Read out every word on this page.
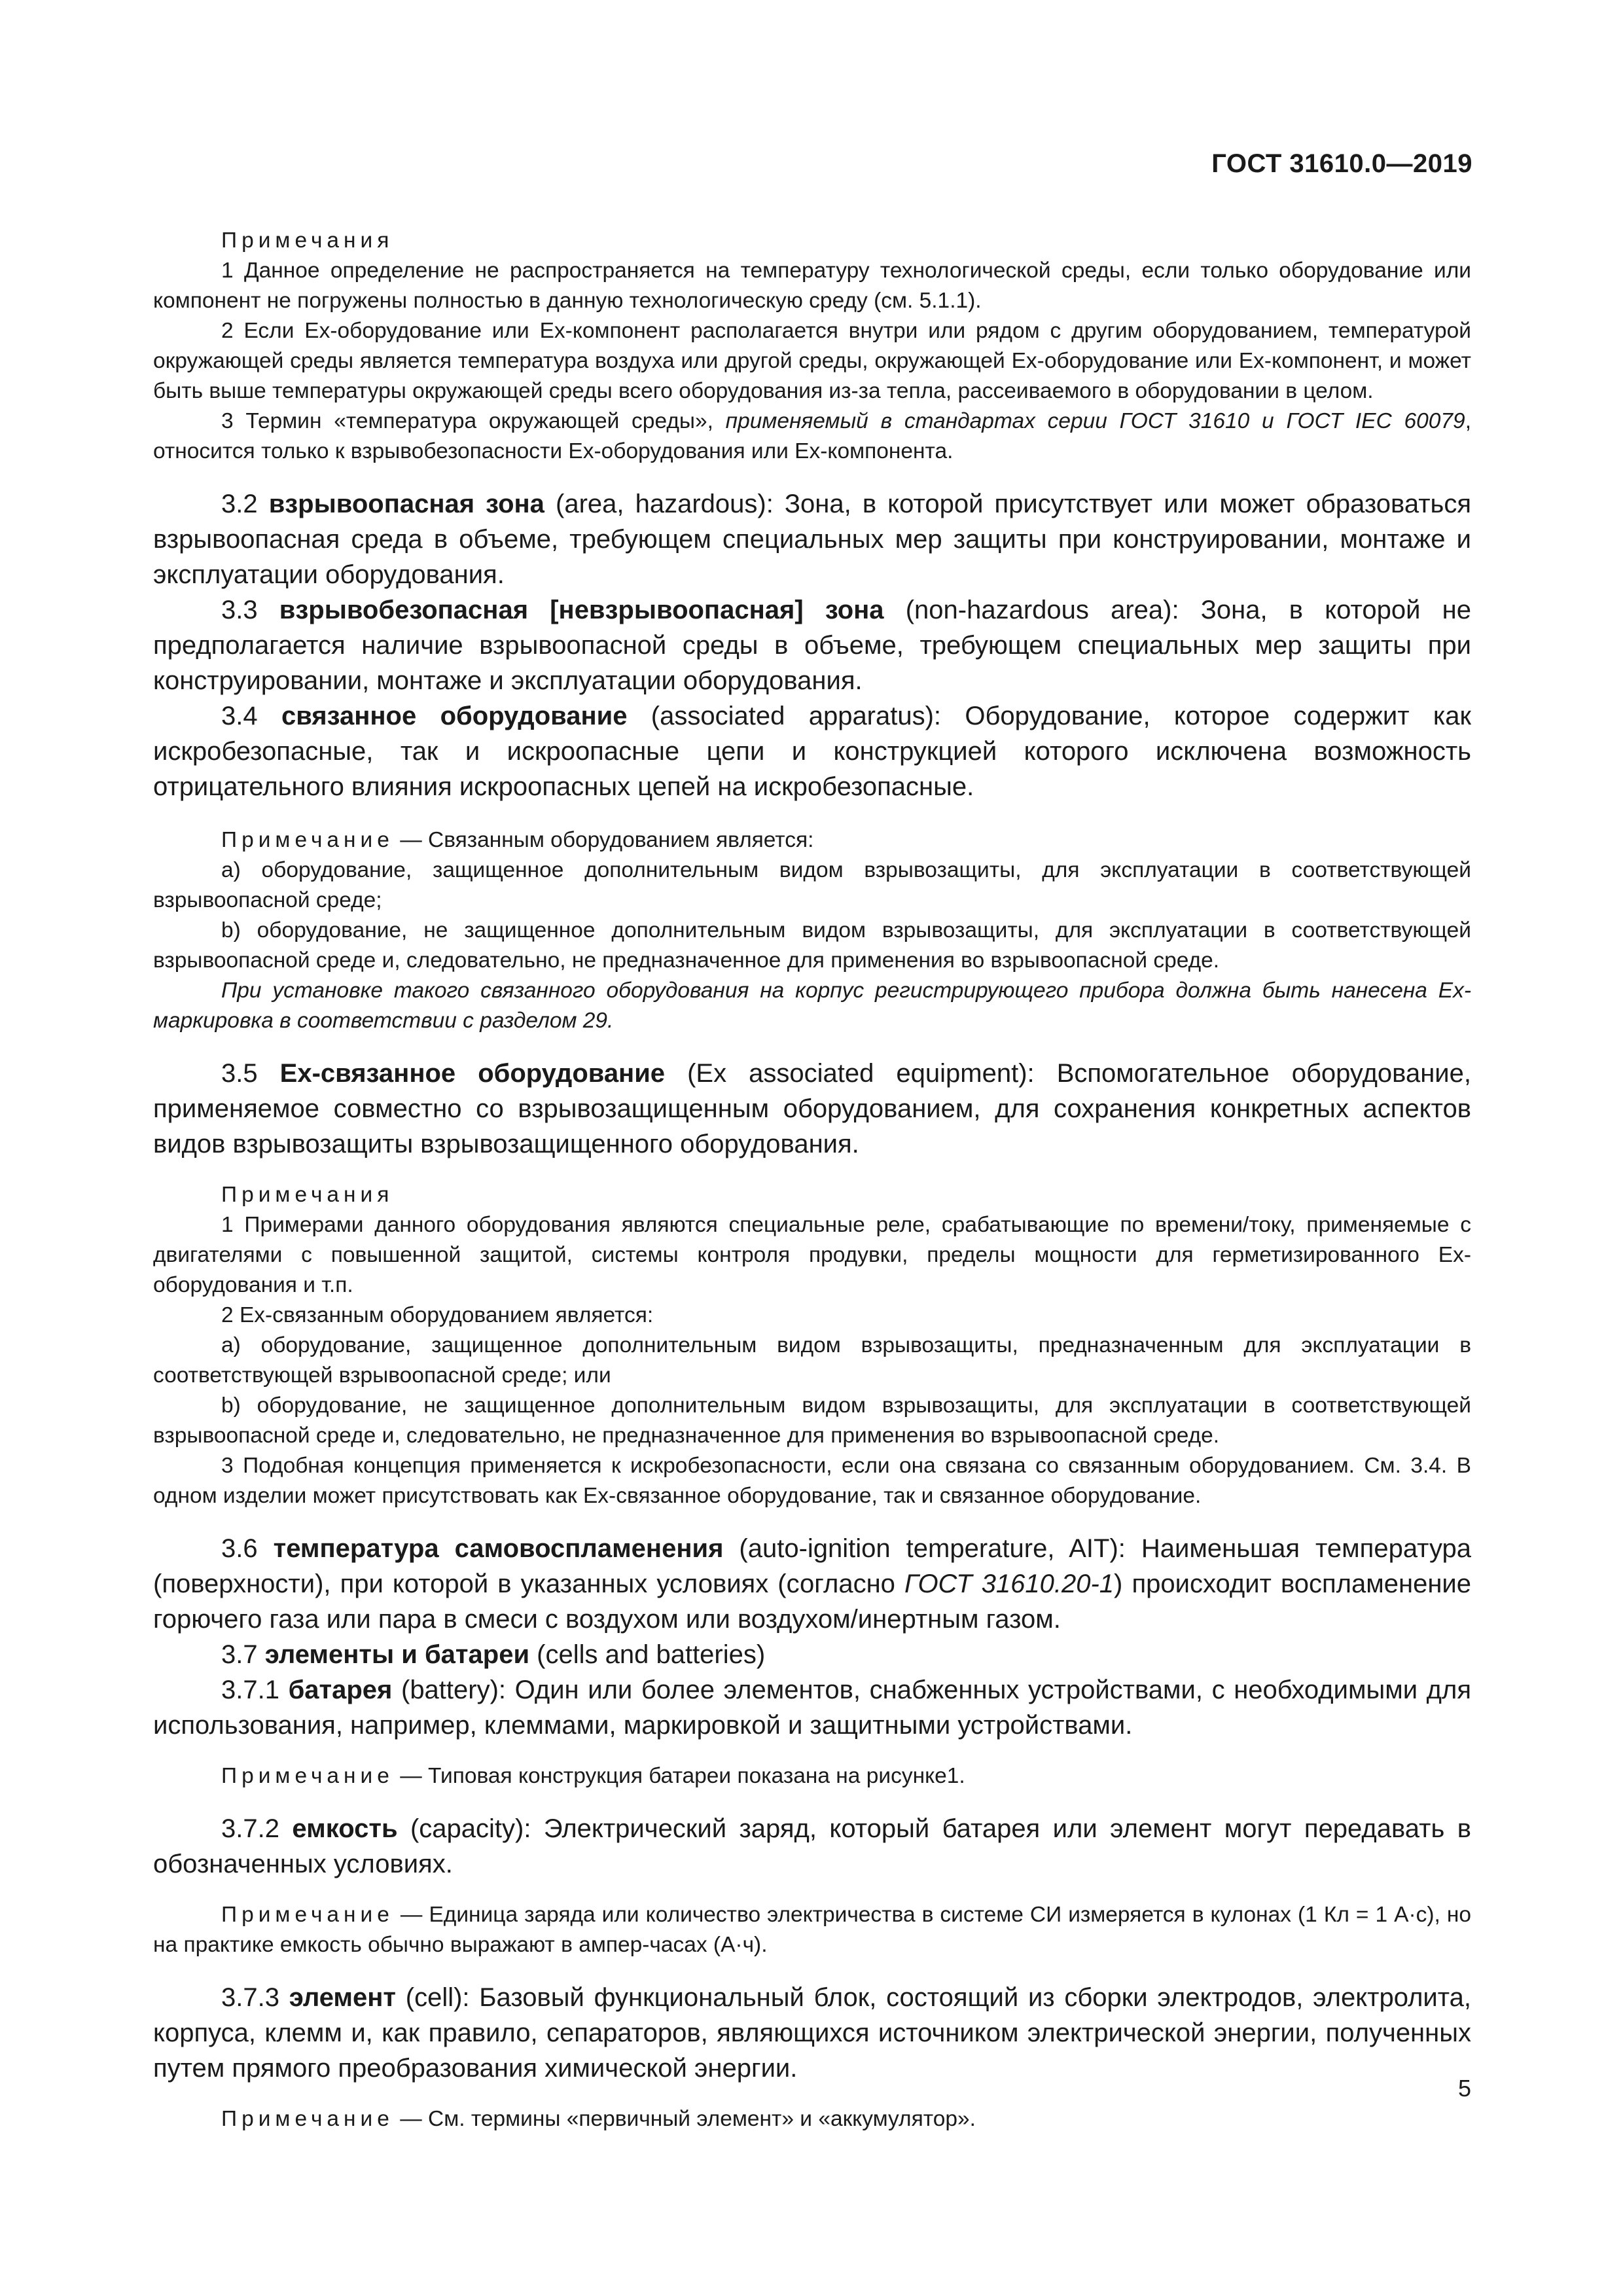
ГОСТ 31610.0—2019

Примечания

1 Данное определение не распространяется на температуру технологической среды, если только оборудование или компонент не погружены полностью в данную технологическую среду (см. 5.1.1).

2 Если Ex-оборудование или Ex-компонент располагается внутри или рядом с другим оборудованием, температурой окружающей среды является температура воздуха или другой среды, окружающей Ex-оборудование или Ex-компонент, и может быть выше температуры окружающей среды всего оборудования из-за тепла, рассеиваемого в оборудовании в целом.

3 Термин «температура окружающей среды», применяемый в стандартах серии ГОСТ 31610 и ГОСТ IEC 60079, относится только к взрывобезопасности Ex-оборудования или Ex-компонента.

3.2 взрывоопасная зона (area, hazardous): Зона, в которой присутствует или может образоваться взрывоопасная среда в объеме, требующем специальных мер защиты при конструировании, монтаже и эксплуатации оборудования.

3.3 взрывобезопасная [невзрывоопасная] зона (non-hazardous area): Зона, в которой не предполагается наличие взрывоопасной среды в объеме, требующем специальных мер защиты при конструировании, монтаже и эксплуатации оборудования.

3.4 связанное оборудование (associated apparatus): Оборудование, которое содержит как искробезопасные, так и искроопасные цепи и конструкцией которого исключена возможность отрицательного влияния искроопасных цепей на искробезопасные.

Примечание — Связанным оборудованием является:

а) оборудование, защищенное дополнительным видом взрывозащиты, для эксплуатации в соответствующей взрывоопасной среде;

b) оборудование, не защищенное дополнительным видом взрывозащиты, для эксплуатации в соответствующей взрывоопасной среде и, следовательно, не предназначенное для применения во взрывоопасной среде.

При установке такого связанного оборудования на корпус регистрирующего прибора должна быть нанесена Ex-маркировка в соответствии с разделом 29.

3.5 Ex-связанное оборудование (Ex associated equipment): Вспомогательное оборудование, применяемое совместно со взрывозащищенным оборудованием, для сохранения конкретных аспектов видов взрывозащиты взрывозащищенного оборудования.

Примечания

1 Примерами данного оборудования являются специальные реле, срабатывающие по времени/току, применяемые с двигателями с повышенной защитой, системы контроля продувки, пределы мощности для герметизированного Ex-оборудования и т.п.

2 Ex-связанным оборудованием является:

а) оборудование, защищенное дополнительным видом взрывозащиты, предназначенным для эксплуатации в соответствующей взрывоопасной среде; или

b) оборудование, не защищенное дополнительным видом взрывозащиты, для эксплуатации в соответствующей взрывоопасной среде и, следовательно, не предназначенное для применения во взрывоопасной среде.

3 Подобная концепция применяется к искробезопасности, если она связана со связанным оборудованием. См. 3.4. В одном изделии может присутствовать как Ex-связанное оборудование, так и связанное оборудование.

3.6 температура самовоспламенения (auto-ignition temperature, AIT): Наименьшая температура (поверхности), при которой в указанных условиях (согласно ГОСТ 31610.20-1) происходит воспламенение горючего газа или пара в смеси с воздухом или воздухом/инертным газом.

3.7 элементы и батареи (cells and batteries)

3.7.1 батарея (battery): Один или более элементов, снабженных устройствами, с необходимыми для использования, например, клеммами, маркировкой и защитными устройствами.

Примечание — Типовая конструкция батареи показана на рисунке1.

3.7.2 емкость (capacity): Электрический заряд, который батарея или элемент могут передавать в обозначенных условиях.

Примечание — Единица заряда или количество электричества в системе СИ измеряется в кулонах (1 Кл = 1 А·с), но на практике емкость обычно выражают в ампер-часах (А·ч).

3.7.3 элемент (cell): Базовый функциональный блок, состоящий из сборки электродов, электролита, корпуса, клемм и, как правило, сепараторов, являющихся источником электрической энергии, полученных путем прямого преобразования химической энергии.

Примечание — См. термины «первичный элемент» и «аккумулятор».

5
